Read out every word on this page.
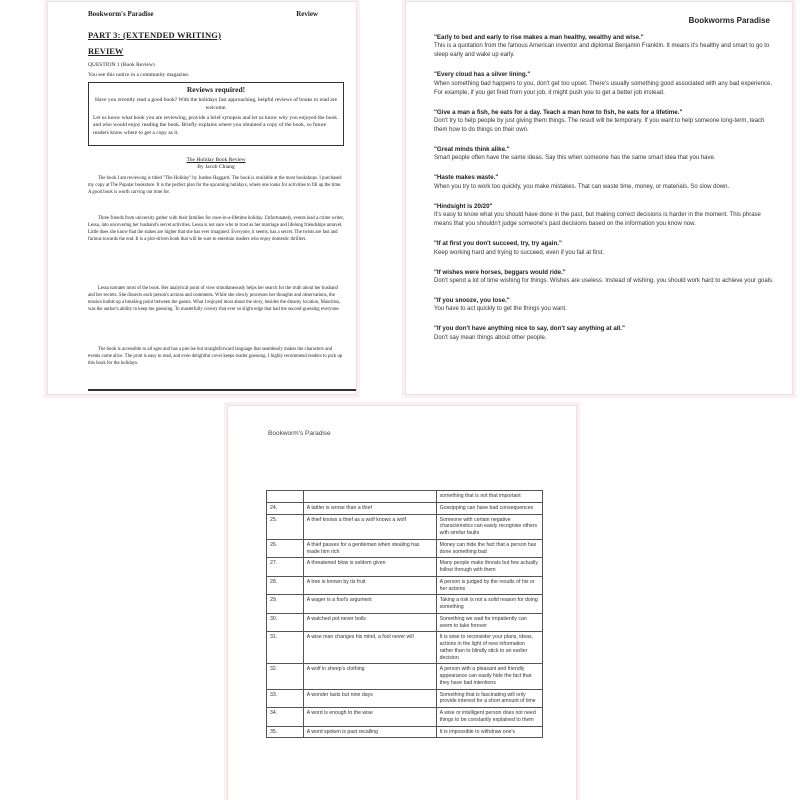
Bookworm's Paradise	Review
PART 3: (EXTENDED WRITING)
REVIEW
QUESTION 1 (Book Review)
You see this notice in a community magazine.
Reviews required!

Have you recently read a good book? With the holidays fast approaching, helpful reviews of books to read are welcome.

Let us know what book you are reviewing, provide a brief synopsis and let us know why you enjoyed the book and who would enjoy reading the book. Briefly explains where you obtained a copy of the book, so future readers know where to get a copy as it.

The Holiday Book Review
By Jacob Chiang
The book I am reviewing is titled "The Holiday" by Justine Haggard. The book is available at the most bookshops. I purchased my copy at The Popular bookstore. It is the perfect plan for the upcoming holidays, where one looks for activities to fill up the time. A good book is worth carving out time for.
Three friends from university gather with their families for once-in-a-lifetime holiday. Unfortunately, events lead a crime writer, Lessa, into uncovering her husband's secret activities. Lessa is not sure who to trust as her marriage and lifelong friendships unravel. Little does she know that the stakes are higher that she has ever imagined. Everyone, it seems, has a secret. The twists are fast and furious towards the end. It is a plot-driven book that will be sure to entertain readers who enjoy domestic thrillers.
Lessa narrates most of the book. Her analytical point of view simultaneously helps her search for the truth about her husband and her secrets. She dissects each person's actions and comments. While she slowly processes her thoughts and observations, the tension builds up a breaking point between the guests. What I enjoyed most about the story, besides the dreamy location, Mauritius, was the author's ability to keep me guessing. To masterfully convey that ever so slight edge that had me second-guessing everyone.
The book is accessible to all ages and has a precise but straightforward language that seamlessly makes the characters and events come alive. The print is easy to read, and even delightful cover keeps reader guessing. I highly recommend readers to pick up this book for the holidays.
Bookworms Paradise
"Early to bed and early to rise makes a man healthy, wealthy and wise."
This is a quotation from the famous American inventor and diplomat Benjamin Franklin. It means it's healthy and smart to go to sleep early and wake up early.
"Every cloud has a silver lining."
When something bad happens to you, don't get too upset. There's usually something good associated with any bad experience. For example, if you get fired from your job, it might push you to get a better job instead.
"Give a man a fish, he eats for a day. Teach a man how to fish, he eats for a lifetime."
Don't try to help people by just giving them things. The result will be temporary. If you want to help someone long-term, teach them how to do things on their own.
"Great minds think alike."
Smart people often have the same ideas. Say this when someone has the same smart idea that you have.
"Haste makes waste."
When you try to work too quickly, you make mistakes. That can waste time, money, or materials. So slow down.
"Hindsight is 20/20"
It's easy to know what you should have done in the past, but making correct decisions is harder in the moment. This phrase means that you shouldn't judge someone's past decisions based on the information you know now.
"If at first you don't succeed, try, try again."
Keep working hard and trying to succeed, even if you fail at first.
"If wishes were horses, beggars would ride."
Don't spend a lot of time wishing for things. Wishes are useless. Instead of wishing, you should work hard to achieve your goals.
"If you snooze, you lose."
You have to act quickly to get the things you want.
"If you don't have anything nice to say, don't say anything at all."
Don't say mean things about other people.
Bookworm's Paradise
		something that is not that important
24.	A tattler is worse than a thief	Gossipping can have bad consequences
25.	A thief knows a thief as a wolf knows a wolf	Someone with certain negative characteristics can easily recognise others with similar faults
26.	A thief passes for a gentleman when stealing has made him rich	Money can hide the fact that a person has done something bad
27.	A threatened blow is seldom given	Many people make threats but few actually follow through with them
28.	A tree is known by its fruit	A person is judged by the results of his or her actions
29.	A wager is a fool's argument	Taking a risk is not a solid reason for doing something
30.	A watched pot never boils	Something we wait for impatiently can seem to take forever
31.	A wise man changes his mind, a fool never will	It is wise to reconsider your plans, ideas, actions in the light of new information rather than to blindly stick to an earlier decision
32.	A wolf in sheep's clothing	A person with a pleasant and friendly appearance can easily hide the fact that they have bad intentions
33.	A wonder lasts but nine days	Something that is fascinating will only provide interest for a short amount of time
34.	A word is enough to the wise	A wise or intelligent person does not need things to be constantly explained to them
35.	A word spoken is past recalling	It is impossible to withdraw one's
